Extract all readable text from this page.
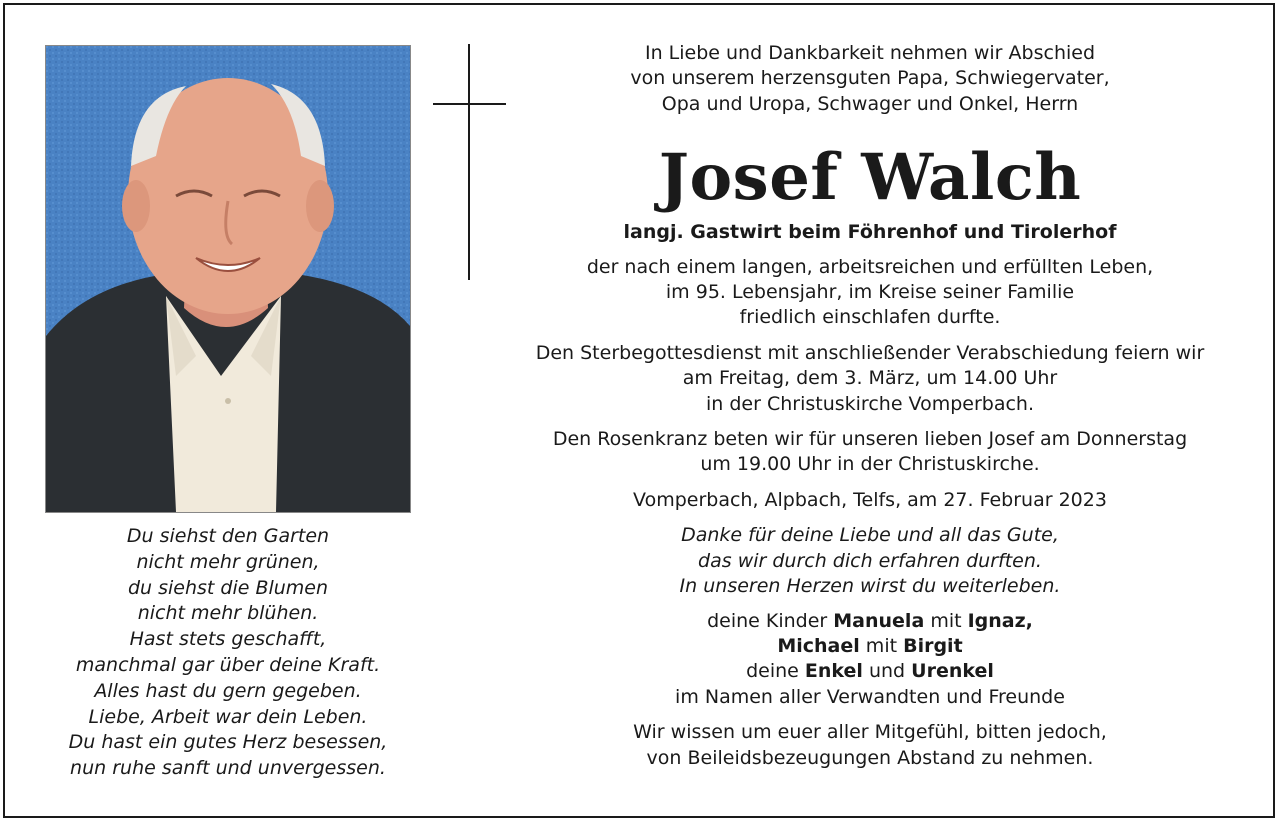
Du siehst den Garten
nicht mehr grünen,
du siehst die Blumen
nicht mehr blühen.
Hast stets geschafft,
manchmal gar über deine Kraft.
Alles hast du gern gegeben.
Liebe, Arbeit war dein Leben.
Du hast ein gutes Herz besessen,
nun ruhe sanft und unvergessen.
In Liebe und Dankbarkeit nehmen wir Abschied
von unserem herzensguten Papa, Schwiegervater,
Opa und Uropa, Schwager und Onkel, Herrn
Josef Walch
langj. Gastwirt beim Föhrenhof und Tirolerhof
der nach einem langen, arbeitsreichen und erfüllten Leben,
im 95. Lebensjahr, im Kreise seiner Familie
friedlich einschlafen durfte.
Den Sterbegottesdienst mit anschließender Verabschiedung feiern wir
am Freitag, dem 3. März, um 14.00 Uhr
in der Christuskirche Vomperbach.
Den Rosenkranz beten wir für unseren lieben Josef am Donnerstag
um 19.00 Uhr in der Christuskirche.
Vomperbach, Alpbach, Telfs, am 27. Februar 2023
Danke für deine Liebe und all das Gute,
das wir durch dich erfahren durften.
In unseren Herzen wirst du weiterleben.
deine Kinder Manuela mit Ignaz,
Michael mit Birgit
deine Enkel und Urenkel
im Namen aller Verwandten und Freunde
Wir wissen um euer aller Mitgefühl, bitten jedoch,
von Beileidsbezeugungen Abstand zu nehmen.
